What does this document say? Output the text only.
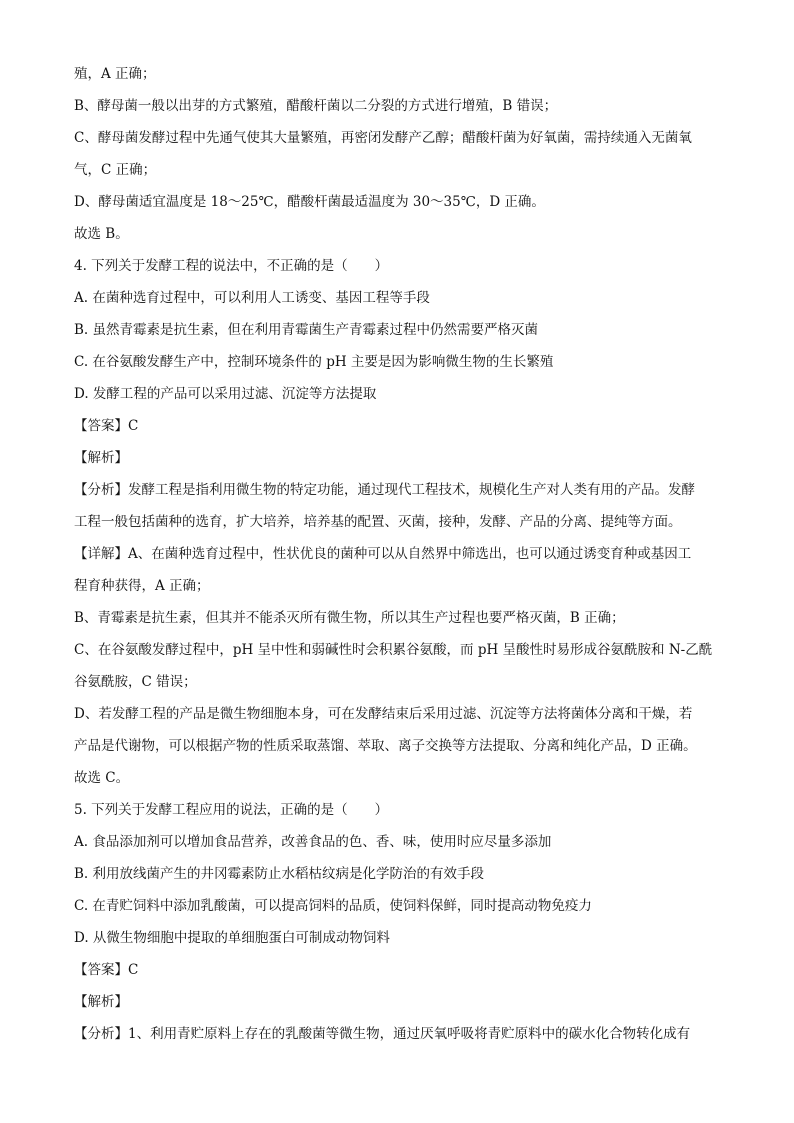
殖，A 正确；
B、酵母菌一般以出芽的方式繁殖，醋酸杆菌以二分裂的方式进行增殖，B 错误；
C、酵母菌发酵过程中先通气使其大量繁殖，再密闭发酵产乙醇；醋酸杆菌为好氧菌，需持续通入无菌氧
气，C 正确；
D、酵母菌适宜温度是 18～25℃，醋酸杆菌最适温度为 30～35℃，D 正确。
故选 B。
4. 下列关于发酵工程的说法中，不正确的是（　　）
A. 在菌种选育过程中，可以利用人工诱变、基因工程等手段
B. 虽然青霉素是抗生素，但在利用青霉菌生产青霉素过程中仍然需要严格灭菌
C. 在谷氨酸发酵生产中，控制环境条件的 pH 主要是因为影响微生物的生长繁殖
D. 发酵工程的产品可以采用过滤、沉淀等方法提取
【答案】C
【解析】
【分析】发酵工程是指利用微生物的特定功能，通过现代工程技术，规模化生产对人类有用的产品。发酵
工程一般包括菌种的选育，扩大培养，培养基的配置、灭菌，接种，发酵、产品的分离、提纯等方面。
【详解】A、在菌种选育过程中，性状优良的菌种可以从自然界中筛选出，也可以通过诱变育种或基因工
程育种获得，A 正确；
B、青霉素是抗生素，但其并不能杀灭所有微生物，所以其生产过程也要严格灭菌，B 正确；
C、在谷氨酸发酵过程中，pH 呈中性和弱碱性时会积累谷氨酸，而 pH 呈酸性时易形成谷氨酰胺和 N-乙酰
谷氨酰胺，C 错误；
D、若发酵工程的产品是微生物细胞本身，可在发酵结束后采用过滤、沉淀等方法将菌体分离和干燥，若
产品是代谢物，可以根据产物的性质采取蒸馏、萃取、离子交换等方法提取、分离和纯化产品，D 正确。
故选 C。
5. 下列关于发酵工程应用的说法，正确的是（　　）
A. 食品添加剂可以增加食品营养，改善食品的色、香、味，使用时应尽量多添加
B. 利用放线菌产生的井冈霉素防止水稻枯纹病是化学防治的有效手段
C. 在青贮饲料中添加乳酸菌，可以提高饲料的品质，使饲料保鲜，同时提高动物免疫力
D. 从微生物细胞中提取的单细胞蛋白可制成动物饲料
【答案】C
【解析】
【分析】1、利用青贮原料上存在的乳酸菌等微生物，通过厌氧呼吸将青贮原料中的碳水化合物转化成有
